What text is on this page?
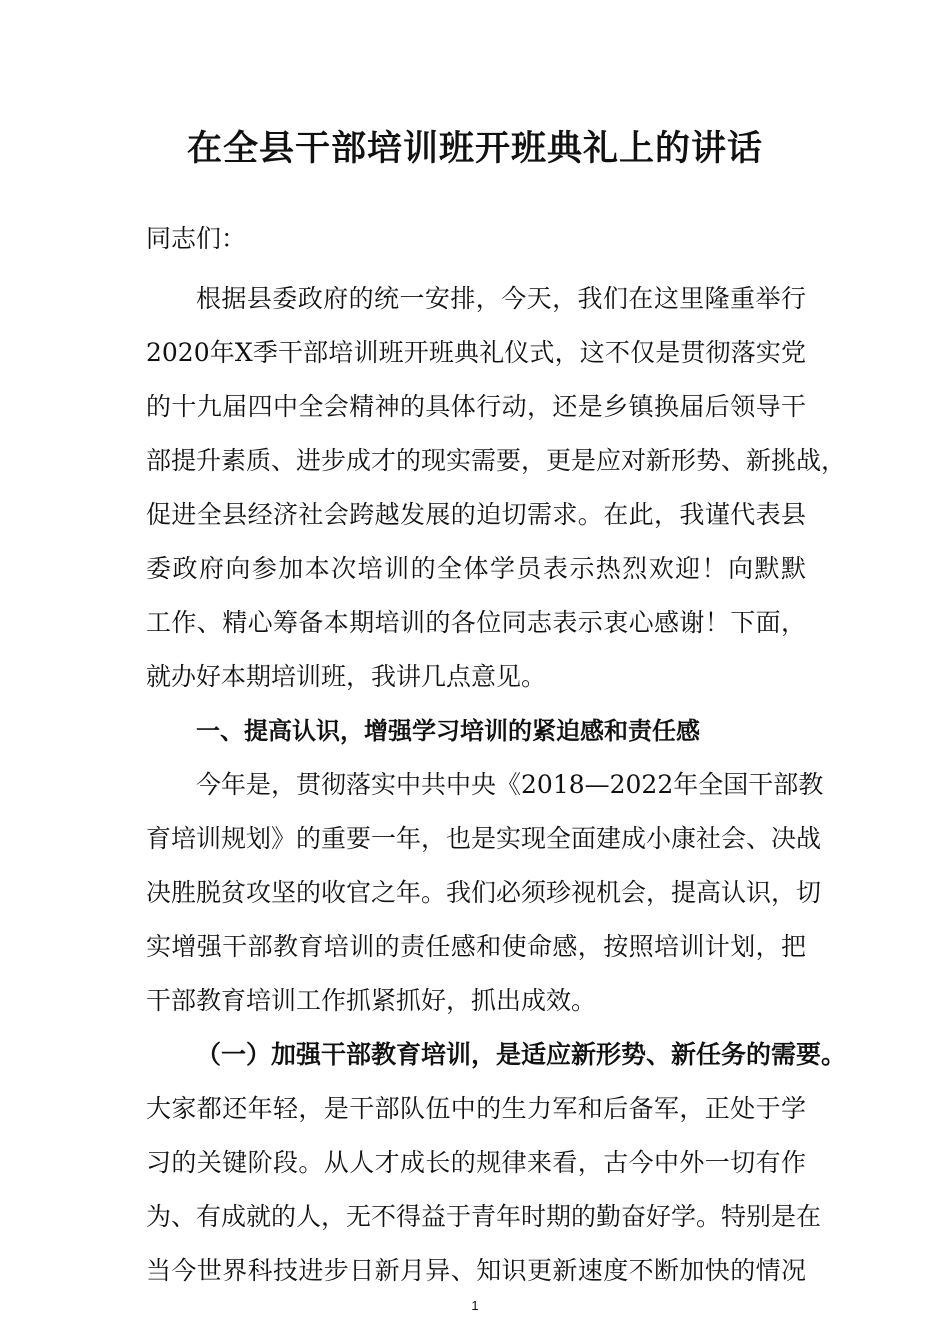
在全县干部培训班开班典礼上的讲话

同志们：

根据县委政府的统一安排，今天，我们在这里隆重举行

2020年X季干部培训班开班典礼仪式，这不仅是贯彻落实党

的十九届四中全会精神的具体行动，还是乡镇换届后领导干

部提升素质、进步成才的现实需要，更是应对新形势、新挑战，

促进全县经济社会跨越发展的迫切需求。在此，我谨代表县

委政府向参加本次培训的全体学员表示热烈欢迎！向默默

工作、精心筹备本期培训的各位同志表示衷心感谢！下面，

就办好本期培训班，我讲几点意见。

一、提高认识，增强学习培训的紧迫感和责任感

今年是，贯彻落实中共中央《2018—2022年全国干部教

育培训规划》的重要一年，也是实现全面建成小康社会、决战

决胜脱贫攻坚的收官之年。我们必须珍视机会，提高认识，切

实增强干部教育培训的责任感和使命感，按照培训计划，把

干部教育培训工作抓紧抓好，抓出成效。

（一）加强干部教育培训，是适应新形势、新任务的需要。

大家都还年轻，是干部队伍中的生力军和后备军，正处于学

习的关键阶段。从人才成长的规律来看，古今中外一切有作

为、有成就的人，无不得益于青年时期的勤奋好学。特别是在

当今世界科技进步日新月异、知识更新速度不断加快的情况

1
